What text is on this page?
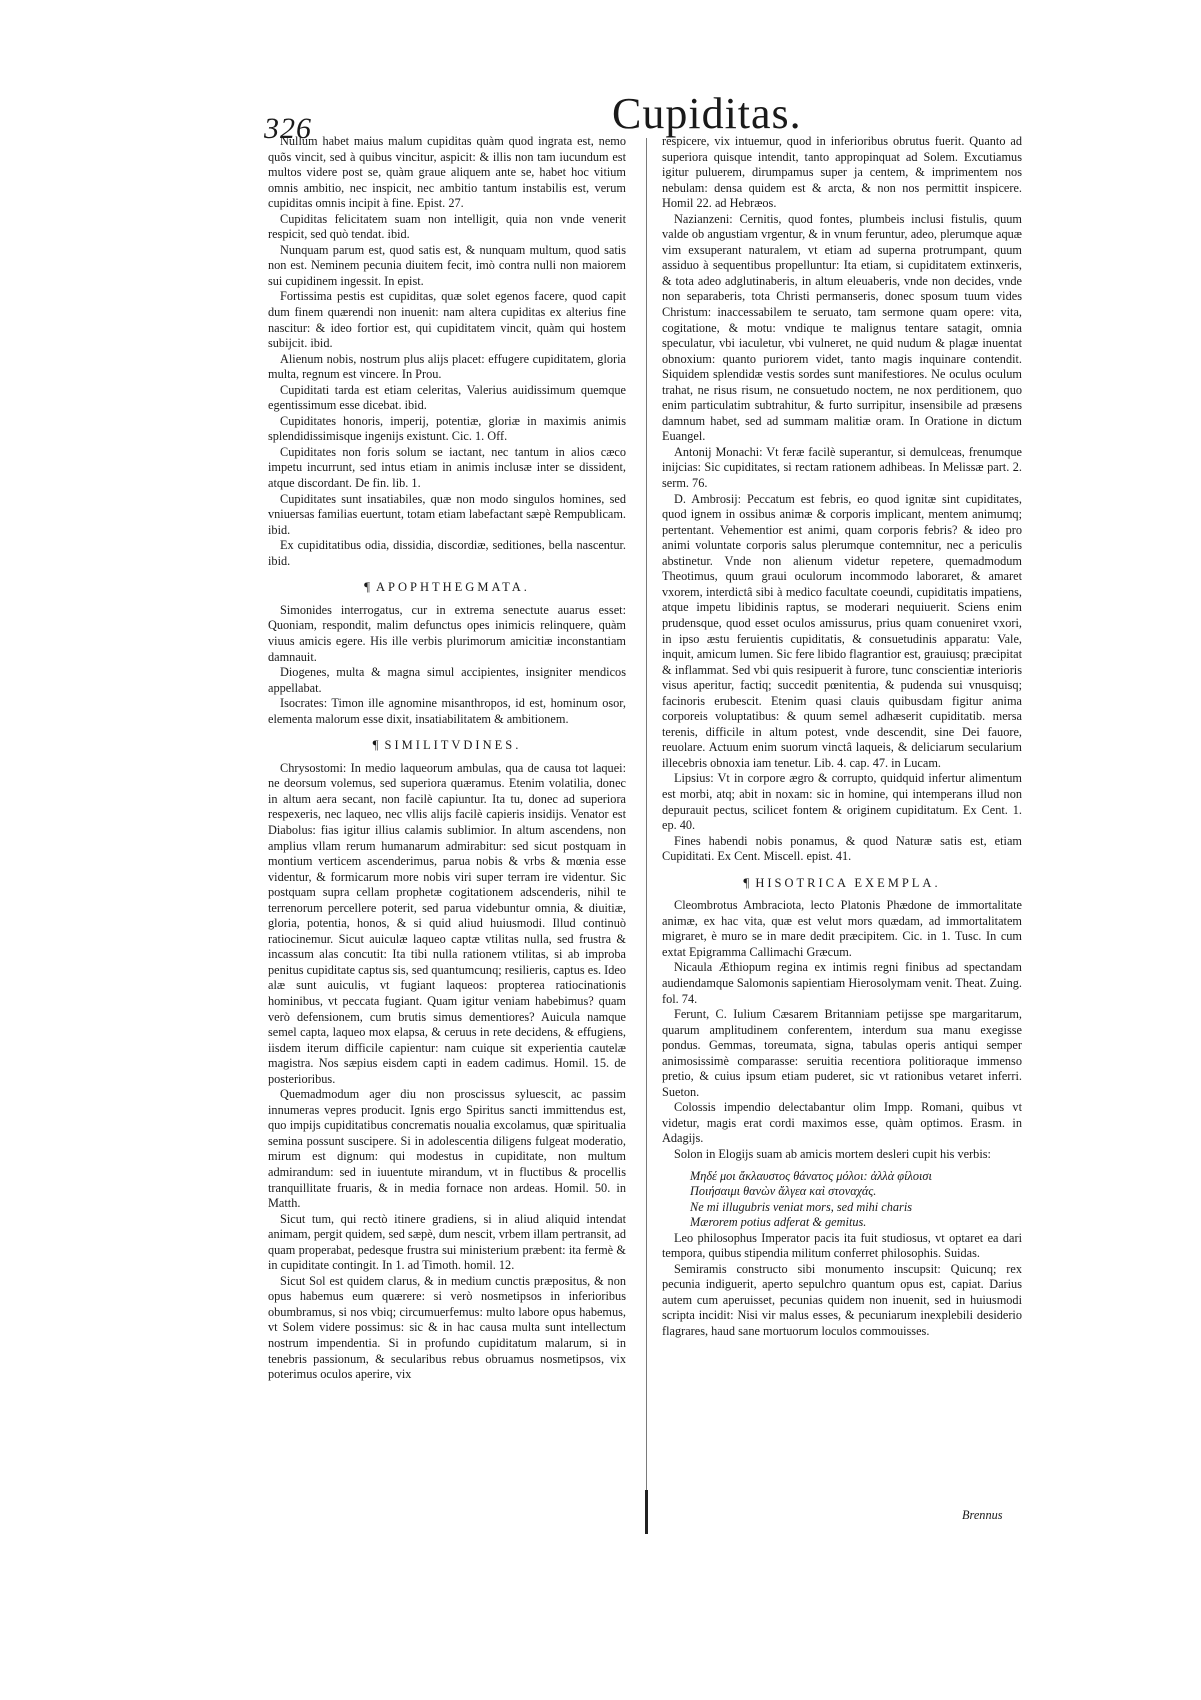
326	Cupiditas.

Nullum habet maius malum cupiditas quàm quod ingrata est, nemo quõs vincit, sed à quibus vincitur, aspicit: & illis non tam iucundum est multos videre post se, quàm graue aliquem ante se, habet hoc vitium omnis ambitio, nec inspicit, nec ambitio tantum instabilis est, verum cupiditas omnis incipit à fine. Epist. 27.

Cupiditas felicitatem suam non intelligit, quia non vnde venerit respicit, sed quò tendat. ibid.

Nunquam parum est, quod satis est, & nunquam multum, quod satis non est. Neminem pecunia diuitem fecit, imò contra nulli non maiorem sui cupidinem ingessit. In epist.

Fortissima pestis est cupiditas, quæ solet egenos facere, quod capit dum finem quærendi non inuenit: nam altera cupiditas ex alterius fine nascitur: & ideo fortior est, qui cupiditatem vincit, quàm qui hostem subijcit. ibid.

Alienum nobis, nostrum plus alijs placet: effugere cupiditatem, gloria multa, regnum est vincere. In Prou.

Cupiditati tarda est etiam celeritas, Valerius auidissimum quemque egentissimum esse dicebat. ibid.

Cupiditates honoris, imperij, potentiæ, gloriæ in maximis animis splendidissimisque ingenijs existunt. Cic. 1. Off.

Cupiditates non foris solum se iactant, nec tantum in alios cæco impetu incurrunt, sed intus etiam in animis inclusæ inter se dissident, atque discordant. De fin. lib. 1.

Cupiditates sunt insatiabiles, quæ non modo singulos homines, sed vniuersas familias euertunt, totam etiam labefactant sæpè Rempublicam. ibid.

Ex cupiditatibus odia, dissidia, discordiæ, seditiones, bella nascentur. ibid.

¶ APOPHTHEGMATA.

Simonides interrogatus, cur in extrema senectute auarus esset: Quoniam, respondit, malim defunctus opes inimicis relinquere, quàm viuus amicis egere. His ille verbis plurimorum amicitiæ inconstantiam damnauit.

Diogenes, multa & magna simul accipientes, insigniter mendicos appellabat.

Isocrates: Timon ille agnomine misanthropos, id est, hominum osor, elementa malorum esse dixit, insatiabilitatem & ambitionem.

¶ SIMILITVDINES.

Chrysostomi: In medio laqueorum ambulas, qua de causa tot laquei: ne deorsum volemus, sed superiora quæramus. Etenim volatilia, donec in altum aera secant, non facilè capiuntur. Ita tu, donec ad superiora respexeris, nec laqueo, nec vllis alijs facilè capieris insidijs. Venator est Diabolus: fias igitur illius calamis sublimior. In altum ascendens, non amplius vllam rerum humanarum admirabitur: sed sicut postquam in montium verticem ascenderimus, parua nobis & vrbs & mœnia esse videntur, & formicarum more nobis viri super terram ire videntur. Sic postquam supra cellam prophetæ cogitationem adscenderis, nihil te terrenorum percellere poterit, sed parua videbuntur omnia, & diuitiæ, gloria, potentia, honos, & si quid aliud huiusmodi. Illud continuò ratiocinemur. Sicut auiculæ laqueo captæ vtilitas nulla, sed frustra & incassum alas concutit: Ita tibi nulla rationem vtilitas, si ab improba penitus cupiditate captus sis, sed quantumcunq; resilieris, captus es. Ideo alæ sunt auiculis, vt fugiant laqueos: propterea ratiocinationis hominibus, vt peccata fugiant. Quam igitur veniam habebimus? quam verò defensionem, cum brutis simus dementiores? Auicula namque semel capta, laqueo mox elapsa, & ceruus in rete decidens, & effugiens, iisdem iterum difficile capientur: nam cuique sit experientia cautelæ magistra. Nos sæpius eisdem capti in eadem cadimus. Homil. 15. de posterioribus.

Quemadmodum ager diu non proscissus syluescit, ac passim innumeras vepres producit. Ignis ergo Spiritus sancti immittendus est, quo impijs cupiditatibus concrematis noualia excolamus, quæ spiritualia semina possunt suscipere. Si in adolescentia diligens fulgeat moderatio, mirum est dignum: qui modestus in cupiditate, non multum admirandum: sed in iuuentute mirandum, vt in fluctibus & procellis tranquillitate fruaris, & in media fornace non ardeas. Homil. 50. in Matth.

Sicut tum, qui rectò itinere gradiens, si in aliud aliquid intendat animam, pergit quidem, sed sæpè, dum nescit, vrbem illam pertransit, ad quam properabat, pedesque frustra sui ministerium præbent: ita fermè & in cupiditate contingit. In 1. ad Timoth. homil. 12.

Sicut Sol est quidem clarus, & in medium cunctis præpositus, & non opus habemus eum quærere: si verò nosmetipsos in inferioribus obumbramus, si nos vbiq; circumuerfemus: multo labore opus habemus, vt Solem videre possimus: sic & in hac causa multa sunt intellectum nostrum impendentia. Si in profundo cupiditatum malarum, si in tenebris passionum, & secularibus rebus obruamus nosmetipsos, vix poterimus oculos aperire, vix

respicere, vix intuemur, quod in inferioribus obrutus fuerit. Quanto ad superiora quisque intendit, tanto appropinquat ad Solem. Excutiamus igitur puluerem, dirumpamus super ja centem, & imprimentem nos nebulam: densa quidem est & arcta, & non nos permittit inspicere. Homil 22. ad Hebræos.

Nazianzeni: Cernitis, quod fontes, plumbeis inclusi fistulis, quum valde ob angustiam vrgentur, & in vnum feruntur, adeo, plerumque aquæ vim exsuperant naturalem, vt etiam ad superna protrumpant, quum assiduo à sequentibus propelluntur: Ita etiam, si cupiditatem extinxeris, & tota adeo adglutinaberis, in altum eleuaberis, vnde non decides, vnde non separaberis, tota Christi permanseris, donec sposum tuum vides Christum: inaccessabilem te seruato, tam sermone quam opere: vita, cogitatione, & motu: vndique te malignus tentare satagit, omnia speculatur, vbi iaculetur, vbi vulneret, ne quid nudum & plagæ inuentat obnoxium: quanto puriorem videt, tanto magis inquinare contendit. Siquidem splendidæ vestis sordes sunt manifestiores. Ne oculus oculum trahat, ne risus risum, ne consuetudo noctem, ne nox perditionem, quo enim particulatim subtrahitur, & furto surripitur, insensibile ad præsens damnum habet, sed ad summam malitiæ oram. In Oratione in dictum Euangel.

Antonij Monachi: Vt feræ facilè superantur, si demulceas, frenumque inijcias: Sic cupiditates, si rectam rationem adhibeas. In Melissæ part. 2. serm. 76.

D. Ambrosij: Peccatum est febris, eo quod ignitæ sint cupiditates, quod ignem in ossibus animæ & corporis implicant, mentem animumq; pertentant. Vehementior est animi, quam corporis febris? & ideo pro animi voluntate corporis salus plerumque contemnitur, nec a periculis abstinetur. Vnde non alienum videtur repetere, quemadmodum Theotimus, quum graui oculorum incommodo laboraret, & amaret vxorem, interdictâ sibi à medico facultate coeundi, cupiditatis impatiens, atque impetu libidinis raptus, se moderari nequiuerit. Sciens enim prudensque, quod esset oculos amissurus, prius quam conueniret vxori, in ipso æstu feruientis cupiditatis, & consuetudinis apparatu: Vale, inquit, amicum lumen. Sic fere libido flagrantior est, grauiusq; præcipitat & inflammat. Sed vbi quis resipuerit à furore, tunc conscientiæ interioris visus aperitur, factiq; succedit pœnitentia, & pudenda sui vnusquisq; facinoris erubescit. Etenim quasi clauis quibusdam figitur anima corporeis voluptatibus: & quum semel adhæserit cupiditatib. mersa terenis, difficile in altum potest, vnde descendit, sine Dei fauore, reuolare. Actuum enim suorum vinctâ laqueis, & deliciarum secularium illecebris obnoxia iam tenetur. Lib. 4. cap. 47. in Lucam.

Lipsius: Vt in corpore ægro & corrupto, quidquid infertur alimentum est morbi, atq; abit in noxam: sic in homine, qui intemperans illud non depurauit pectus, scilicet fontem & originem cupiditatum. Ex Cent. 1. ep. 40.

Fines habendi nobis ponamus, & quod Naturæ satis est, etiam Cupiditati. Ex Cent. Miscell. epist. 41.

¶ HISOTRICA EXEMPLA.

Cleombrotus Ambraciota, lecto Platonis Phædone de immortalitate animæ, ex hac vita, quæ est velut mors quædam, ad immortalitatem migraret, è muro se in mare dedit præcipitem. Cic. in 1. Tusc. In cum extat Epigramma Callimachi Græcum.

Nicaula Æthiopum regina ex intimis regni finibus ad spectandam audiendamque Salomonis sapientiam Hierosolymam venit. Theat. Zuing. fol. 74.

Ferunt, C. Iulium Cæsarem Britanniam petijsse spe margaritarum, quarum amplitudinem conferentem, interdum sua manu exegisse pondus. Gemmas, toreumata, signa, tabulas operis antiqui semper animosissimè comparasse: seruitia recentiora politioraque immenso pretio, & cuius ipsum etiam puderet, sic vt rationibus vetaret inferri. Sueton.

Colossis impendio delectabantur olim Impp. Romani, quibus vt videtur, magis erat cordi maximos esse, quàm optimos. Erasm. in Adagijs.

Solon in Elogijs suam ab amicis mortem desleri cupit his verbis:

Μηδέ μοι ἄκλαυστος θάνατος μόλοι: ἀλλὰ φίλοισι
Ποιήσαιμι θανὼν ἄλγεα καὶ στοναχάς.
Ne mi illugubris veniat mors, sed mihi charis
Mærorem potius adferat & gemitus.

Leo philosophus Imperator pacis ita fuit studiosus, vt optaret ea dari tempora, quibus stipendia militum conferret philosophis. Suidas.

Semiramis constructo sibi monumento inscupsit: Quicunq; rex pecunia indiguerit, aperto sepulchro quantum opus est, capiat. Darius autem cum aperuisset, pecunias quidem non inuenit, sed in huiusmodi scripta incidit: Nisi vir malus esses, & pecuniarum inexplebili desiderio flagrares, haud sane mortuorum loculos commouisses.

Brennus
